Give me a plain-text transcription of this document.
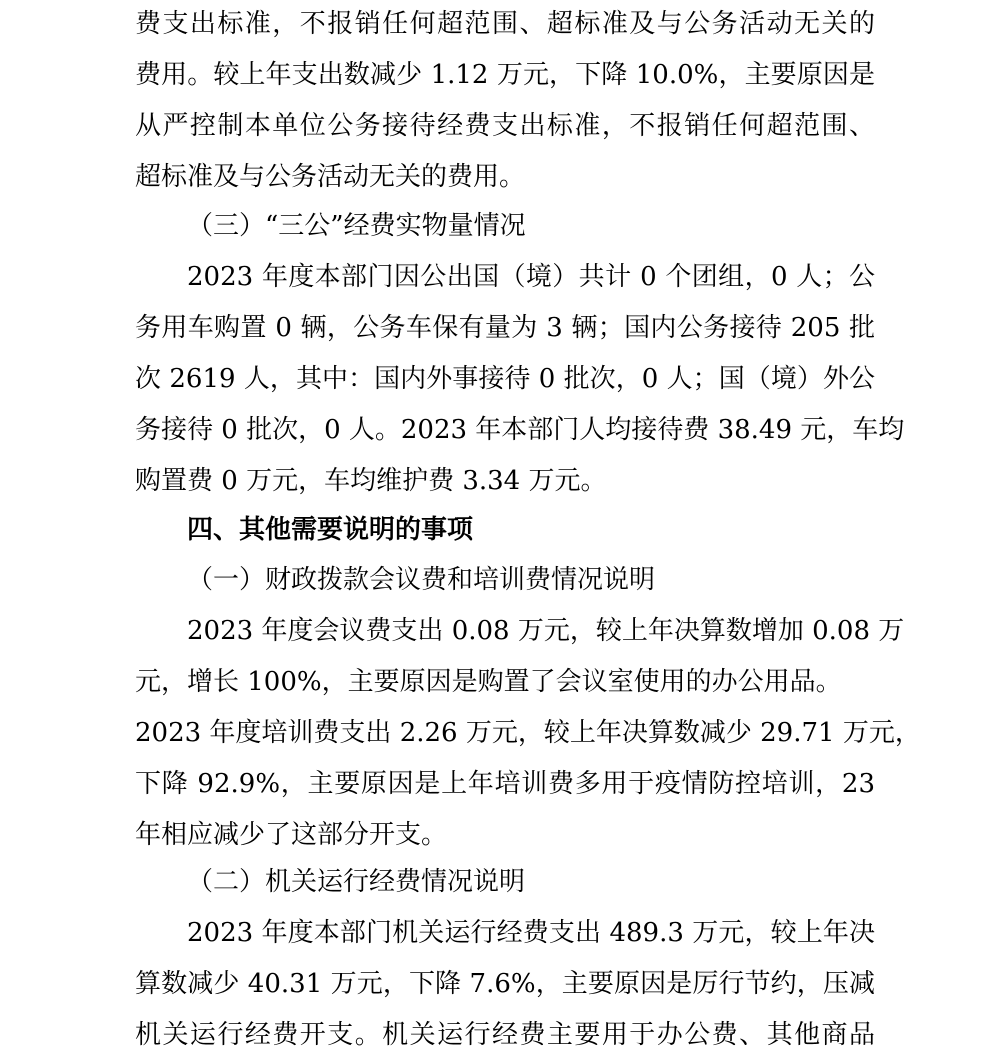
费支出标准，不报销任何超范围、超标准及与公务活动无关的
费用。较上年支出数减少 1.12 万元，下降 10.0%，主要原因是
从严控制本单位公务接待经费支出标准，不报销任何超范围、
超标准及与公务活动无关的费用。
（三）“三公”经费实物量情况
2023 年度本部门因公出国（境）共计 0 个团组，0 人；公
务用车购置 0 辆，公务车保有量为 3 辆；国内公务接待 205 批
次 2619 人，其中：国内外事接待 0 批次，0 人；国（境）外公
务接待 0 批次，0 人。2023 年本部门人均接待费 38.49 元，车均
购置费 0 万元，车均维护费 3.34 万元。
四、其他需要说明的事项
（一）财政拨款会议费和培训费情况说明
2023 年度会议费支出 0.08 万元，较上年决算数增加 0.08 万
元，增长 100%，主要原因是购置了会议室使用的办公用品。
2023 年度培训费支出 2.26 万元，较上年决算数减少 29.71 万元，
下降 92.9%，主要原因是上年培训费多用于疫情防控培训，23
年相应减少了这部分开支。
（二）机关运行经费情况说明
2023 年度本部门机关运行经费支出 489.3 万元，较上年决
算数减少 40.31 万元，下降 7.6%，主要原因是厉行节约，压减
机关运行经费开支。机关运行经费主要用于办公费、其他商品
